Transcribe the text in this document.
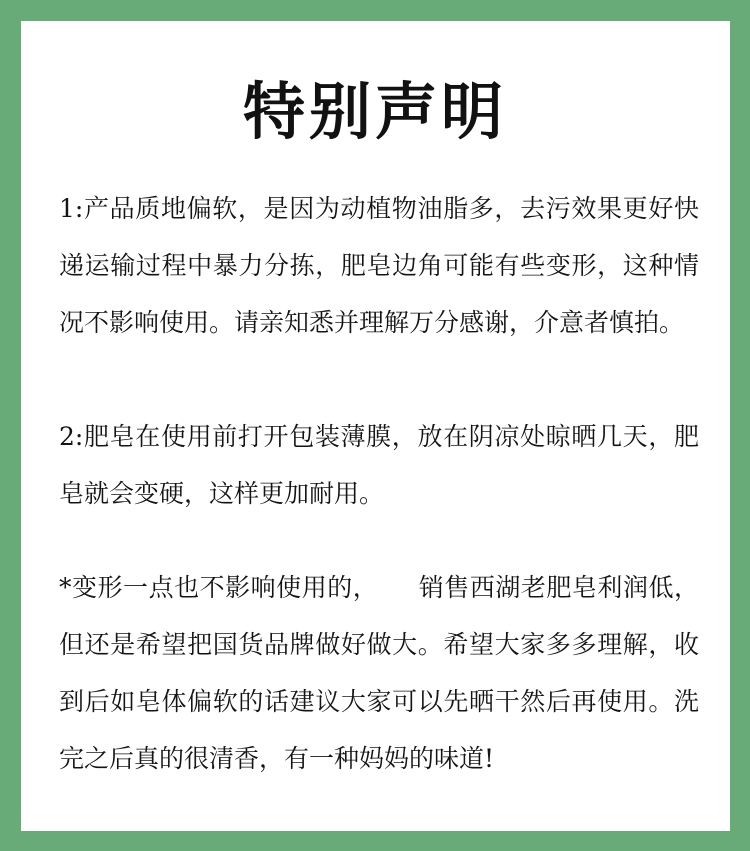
特别声明

1:产品质地偏软，是因为动植物油脂多，去污效果更好快递运输过程中暴力分拣，肥皂边角可能有些变形，这种情况不影响使用。请亲知悉并理解万分感谢，介意者慎拍。

2:肥皂在使用前打开包装薄膜，放在阴凉处晾晒几天，肥皂就会变硬，这样更加耐用。

*变形一点也不影响使用的， 销售西湖老肥皂利润低，但还是希望把国货品牌做好做大。希望大家多多理解，收到后如皂体偏软的话建议大家可以先晒干然后再使用。洗完之后真的很清香，有一种妈妈的味道!
